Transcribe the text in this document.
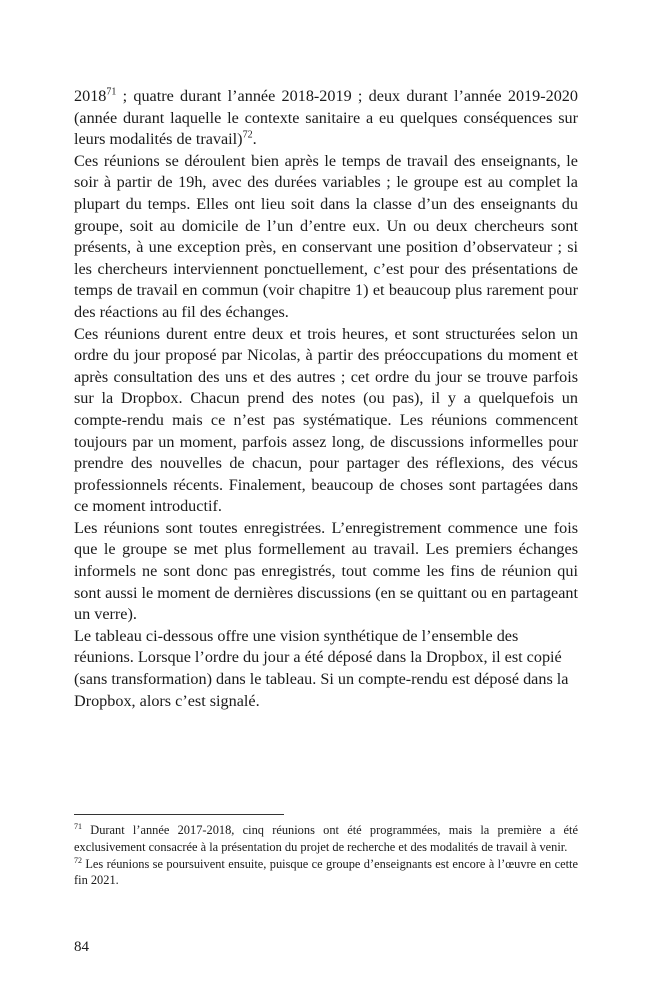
2018$^{71}$ ; quatre durant l’année 2018-2019 ; deux durant l’année 2019-2020 (année durant laquelle le contexte sanitaire a eu quelques conséquences sur leurs modalités de travail)$^{72}$.

Ces réunions se déroulent bien après le temps de travail des enseignants, le soir à partir de 19h, avec des durées variables ; le groupe est au complet la plupart du temps. Elles ont lieu soit dans la classe d’un des enseignants du groupe, soit au domicile de l’un d’entre eux. Un ou deux chercheurs sont présents, à une exception près, en conservant une position d’observateur ; si les chercheurs interviennent ponctuellement, c’est pour des présentations de temps de travail en commun (voir chapitre 1) et beaucoup plus rarement pour des réactions au fil des échanges.

Ces réunions durent entre deux et trois heures, et sont structurées selon un ordre du jour proposé par Nicolas, à partir des préoccupations du moment et après consultation des uns et des autres ; cet ordre du jour se trouve parfois sur la Dropbox. Chacun prend des notes (ou pas), il y a quelquefois un compte-rendu mais ce n’est pas systématique. Les réunions commencent toujours par un moment, parfois assez long, de discussions informelles pour prendre des nouvelles de chacun, pour partager des réflexions, des vécus professionnels récents. Finalement, beaucoup de choses sont partagées dans ce moment introductif.

Les réunions sont toutes enregistrées. L’enregistrement commence une fois que le groupe se met plus formellement au travail. Les premiers échanges informels ne sont donc pas enregistrés, tout comme les fins de réunion qui sont aussi le moment de dernières discussions (en se quittant ou en partageant un verre).

Le tableau ci-dessous offre une vision synthétique de l’ensemble des réunions. Lorsque l’ordre du jour a été déposé dans la Dropbox, il est copié (sans transformation) dans le tableau. Si un compte-rendu est déposé dans la Dropbox, alors c’est signalé.

$^{71}$ Durant l’année 2017-2018, cinq réunions ont été programmées, mais la première a été exclusivement consacrée à la présentation du projet de recherche et des modalités de travail à venir.

$^{72}$ Les réunions se poursuivent ensuite, puisque ce groupe d’enseignants est encore à l’œuvre en cette fin 2021.

84
